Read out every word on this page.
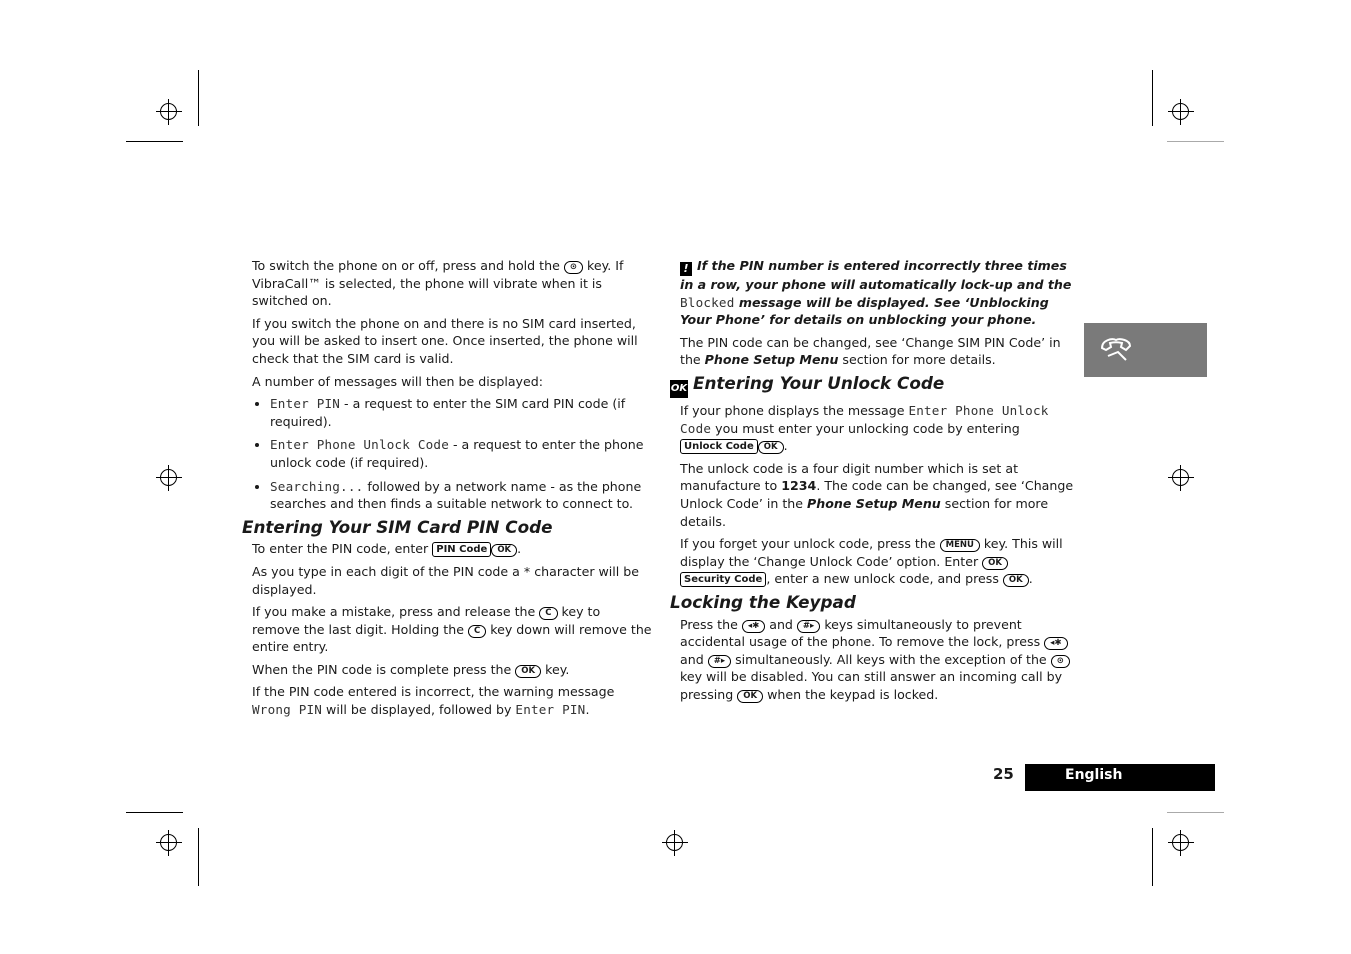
To switch the phone on or off, press and hold the ⊙ key. If VibraCall™ is selected, the phone will vibrate when it is switched on.

If you switch the phone on and there is no SIM card inserted, you will be asked to insert one. Once inserted, the phone will check that the SIM card is valid.

A number of messages will then be displayed:

• Enter PIN - a request to enter the SIM card PIN code (if required).
• Enter Phone Unlock Code - a request to enter the phone unlock code (if required).
• Searching... followed by a network name - as the phone searches and then finds a suitable network to connect to.
Entering Your SIM Card PIN Code

To enter the PIN code, enter PIN Code OK .

As you type in each digit of the PIN code a * character will be displayed.

If you make a mistake, press and release the C key to remove the last digit. Holding the C key down will remove the entire entry.

When the PIN code is complete press the OK key.

If the PIN code entered is incorrect, the warning message Wrong PIN will be displayed, followed by Enter PIN.

! If the PIN number is entered incorrectly three times in a row, your phone will automatically lock-up and the Blocked message will be displayed. See ‘Unblocking Your Phone’ for details on unblocking your phone.

The PIN code can be changed, see ‘Change SIM PIN Code’ in the Phone Setup Menu section for more details.

OK Entering Your Unlock Code

If your phone displays the message Enter Phone Unlock Code you must enter your unlocking code by entering Unlock Code OK .

The unlock code is a four digit number which is set at manufacture to 1234. The code can be changed, see ‘Change Unlock Code’ in the Phone Setup Menu section for more details.

If you forget your unlock code, press the MENU key. This will display the ‘Change Unlock Code’ option. Enter OK Security Code , enter a new unlock code, and press OK .

Locking the Keypad

Press the ◂✱ and #▸ keys simultaneously to prevent accidental usage of the phone. To remove the lock, press ◂✱ and #▸ simultaneously. All keys with the exception of the ⊙ key will be disabled. You can still answer an incoming call by pressing OK when the keypad is locked.

25	English
